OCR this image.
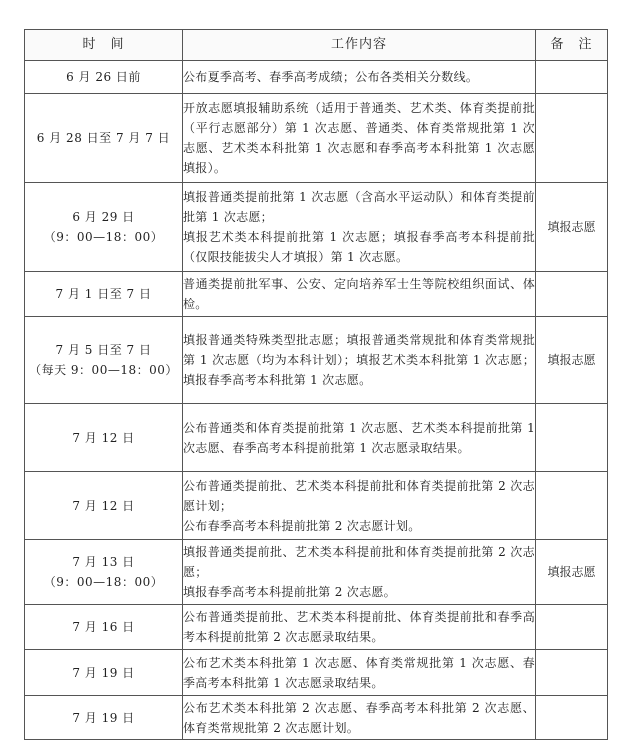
时　间	工作内容	备　注

6 月 26 日前	公布夏季高考、春季高考成绩；公布各类相关分数线。	

6 月 28 日至 7 月 7 日	开放志愿填报辅助系统（适用于普通类、艺术类、体育类提前批（平行志愿部分）第 1 次志愿、普通类、体育类常规批第 1 次志愿、艺术类本科批第 1 次志愿和春季高考本科批第 1 次志愿填报）。	

6 月 29 日
（9：00—18：00）	填报普通类提前批第 1 次志愿（含高水平运动队）和体育类提前批第 1 次志愿；
填报艺术类本科提前批第 1 次志愿；填报春季高考本科提前批（仅限技能拔尖人才填报）第 1 次志愿。	填报志愿

7 月 1 日至 7 日	普通类提前批军事、公安、定向培养军士生等院校组织面试、体检。	

7 月 5 日至 7 日
（每天 9：00—18：00）	填报普通类特殊类型批志愿；填报普通类常规批和体育类常规批第 1 次志愿（均为本科计划）；填报艺术类本科批第 1 次志愿；填报春季高考本科批第 1 次志愿。	填报志愿

7 月 12 日	公布普通类和体育类提前批第 1 次志愿、艺术类本科提前批第 1 次志愿、春季高考本科提前批第 1 次志愿录取结果。	

7 月 12 日	公布普通类提前批、艺术类本科提前批和体育类提前批第 2 次志愿计划；
公布春季高考本科提前批第 2 次志愿计划。	

7 月 13 日
（9：00—18：00）	填报普通类提前批、艺术类本科提前批和体育类提前批第 2 次志愿；
填报春季高考本科提前批第 2 次志愿。	填报志愿

7 月 16 日	公布普通类提前批、艺术类本科提前批、体育类提前批和春季高考本科提前批第 2 次志愿录取结果。	

7 月 19 日	公布艺术类本科批第 1 次志愿、体育类常规批第 1 次志愿、春季高考本科批第 1 次志愿录取结果。	

7 月 19 日	公布艺术类本科批第 2 次志愿、春季高考本科批第 2 次志愿、体育类常规批第 2 次志愿计划。	
